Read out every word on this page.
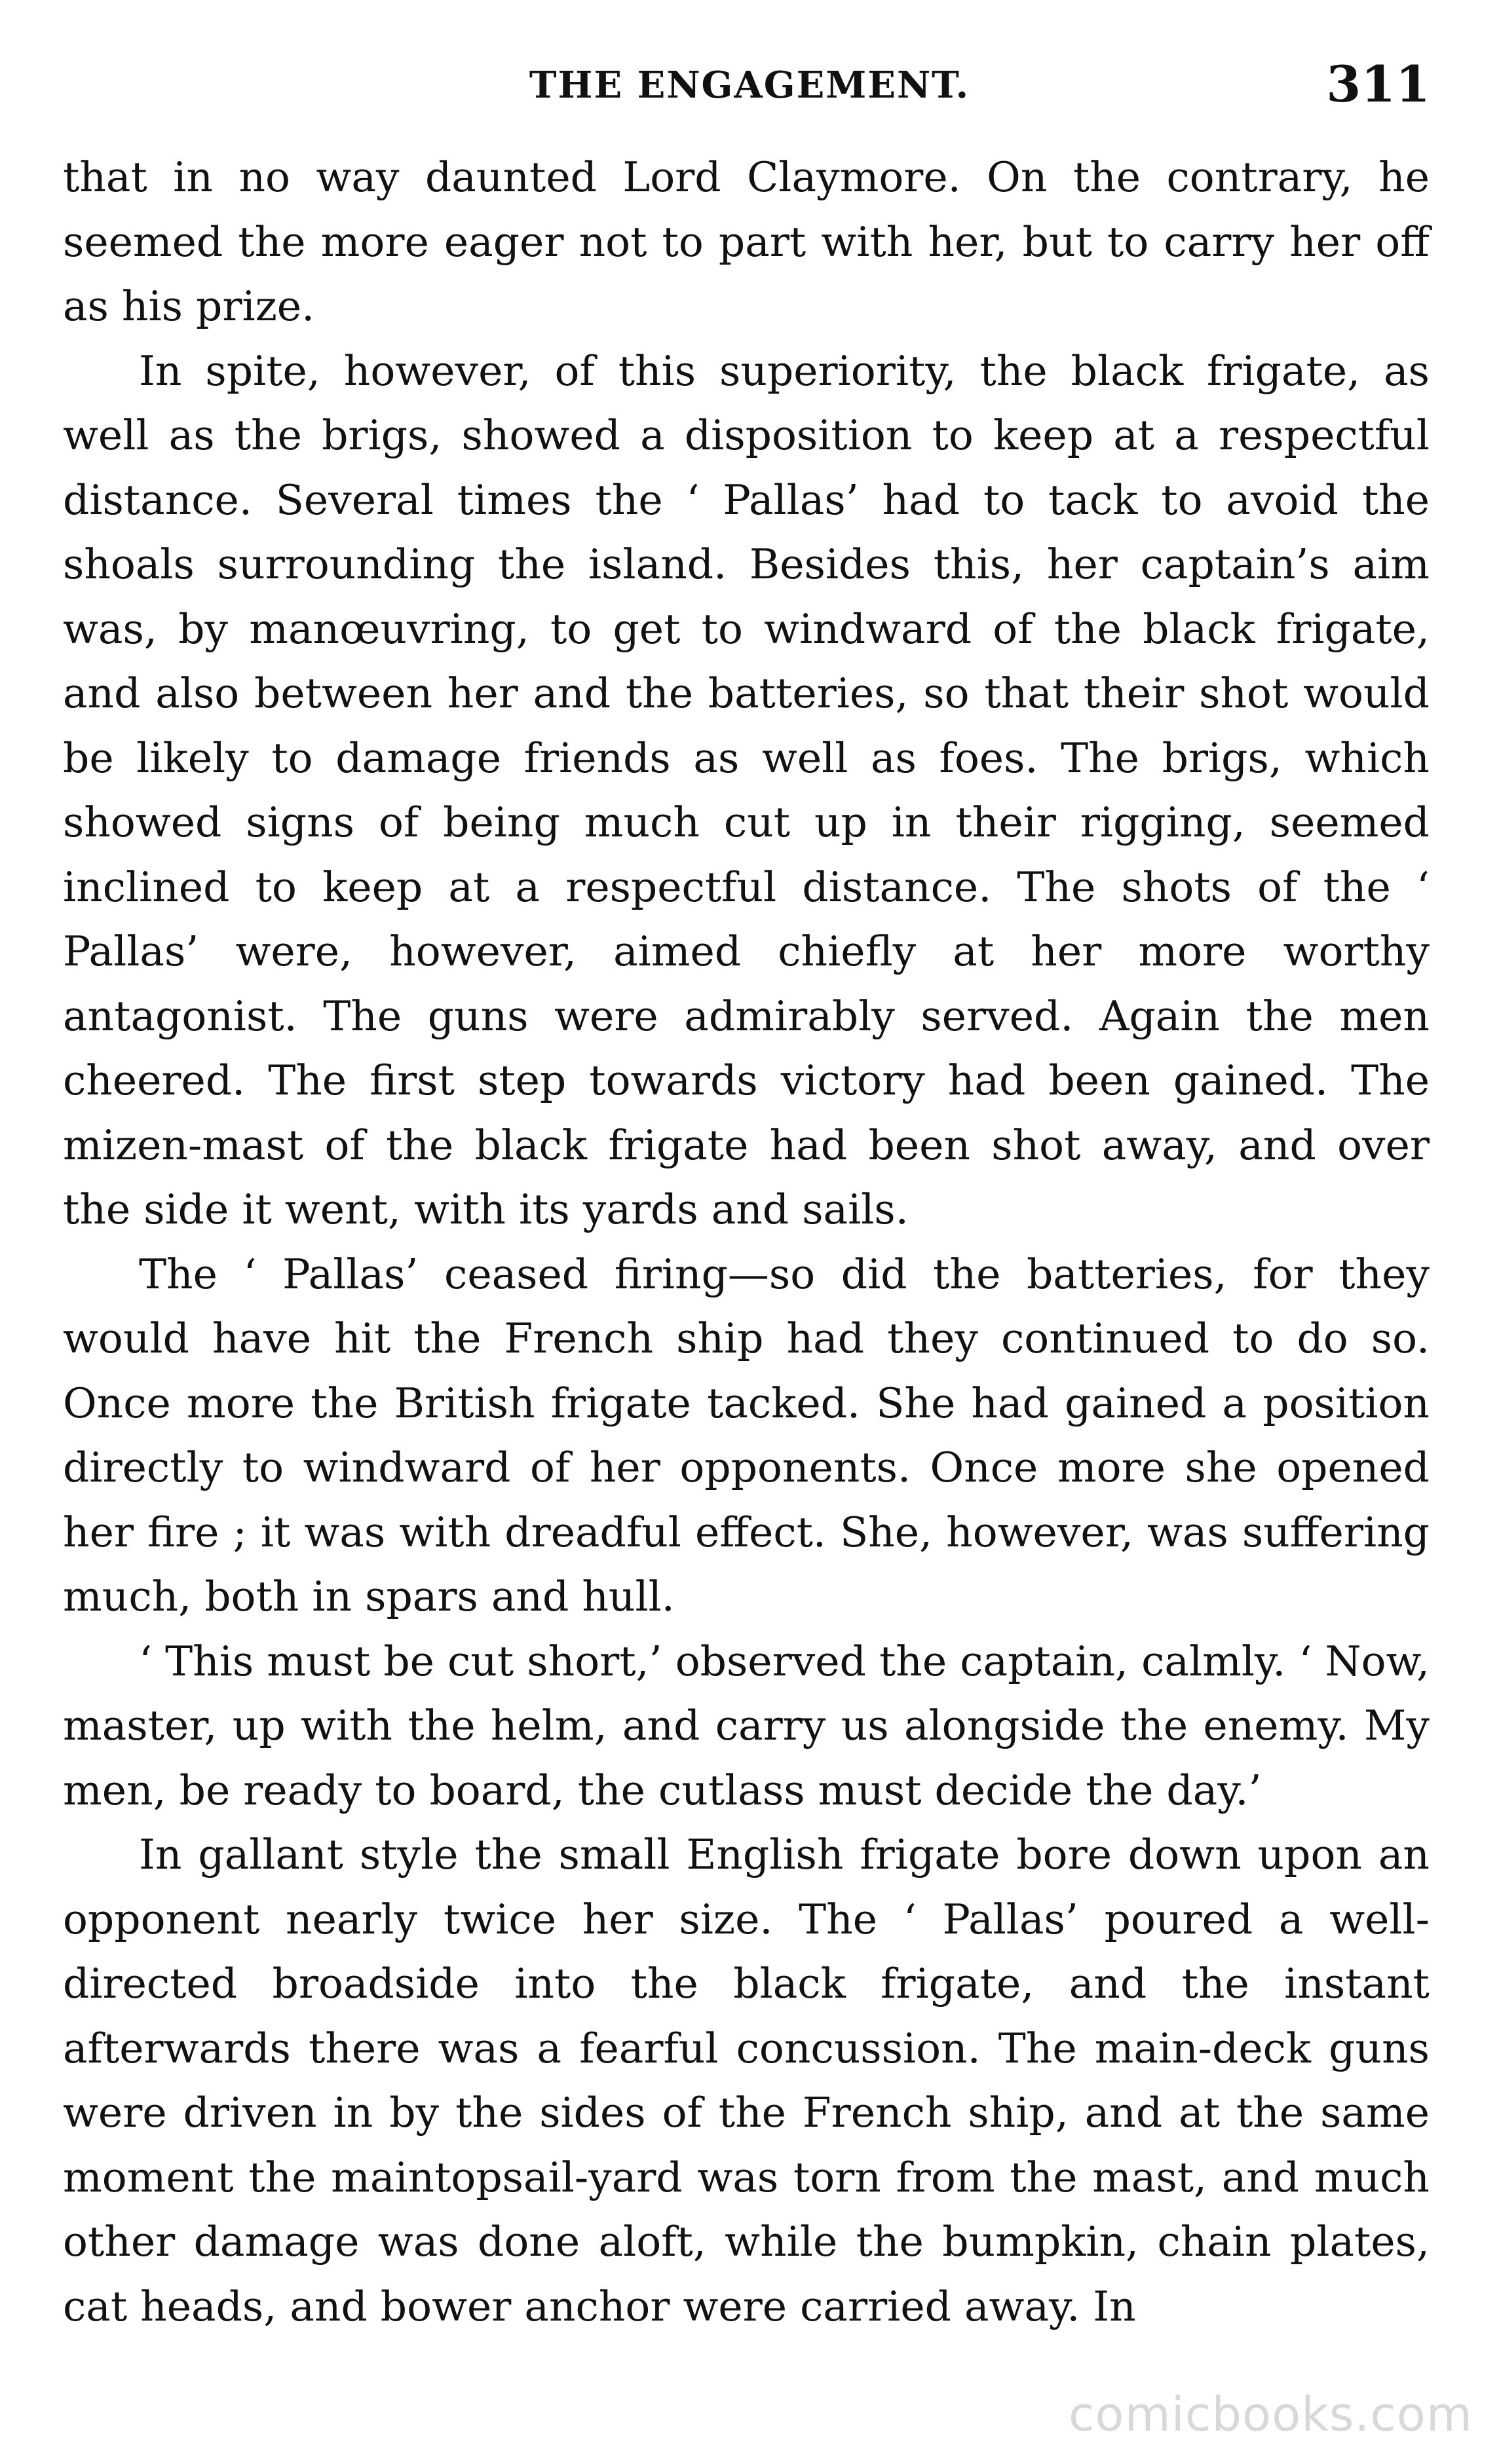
THE ENGAGEMENT.	311

that in no way daunted Lord Claymore. On the contrary, he seemed the more eager not to part with her, but to carry her off as his prize.

In spite, however, of this superiority, the black frigate, as well as the brigs, showed a disposition to keep at a respectful distance. Several times the ‘ Pallas’ had to tack to avoid the shoals surrounding the island. Besides this, her captain’s aim was, by manœuvring, to get to windward of the black frigate, and also between her and the batteries, so that their shot would be likely to damage friends as well as foes. The brigs, which showed signs of being much cut up in their rigging, seemed inclined to keep at a respectful distance. The shots of the ‘ Pallas’ were, however, aimed chiefly at her more worthy antagonist. The guns were admirably served. Again the men cheered. The first step towards victory had been gained. The mizen-mast of the black frigate had been shot away, and over the side it went, with its yards and sails.

The ‘ Pallas’ ceased firing—so did the batteries, for they would have hit the French ship had they continued to do so. Once more the British frigate tacked. She had gained a position directly to windward of her opponents. Once more she opened her fire ; it was with dreadful effect. She, however, was suffering much, both in spars and hull.

‘ This must be cut short,’ observed the captain, calmly. ‘ Now, master, up with the helm, and carry us alongside the enemy. My men, be ready to board, the cutlass must decide the day.’

In gallant style the small English frigate bore down upon an opponent nearly twice her size. The ‘ Pallas’ poured a well-directed broadside into the black frigate, and the instant afterwards there was a fearful concussion. The main-deck guns were driven in by the sides of the French ship, and at the same moment the maintopsail-yard was torn from the mast, and much other damage was done aloft, while the bumpkin, chain plates, cat heads, and bower anchor were carried away. In

comicbooks.com
